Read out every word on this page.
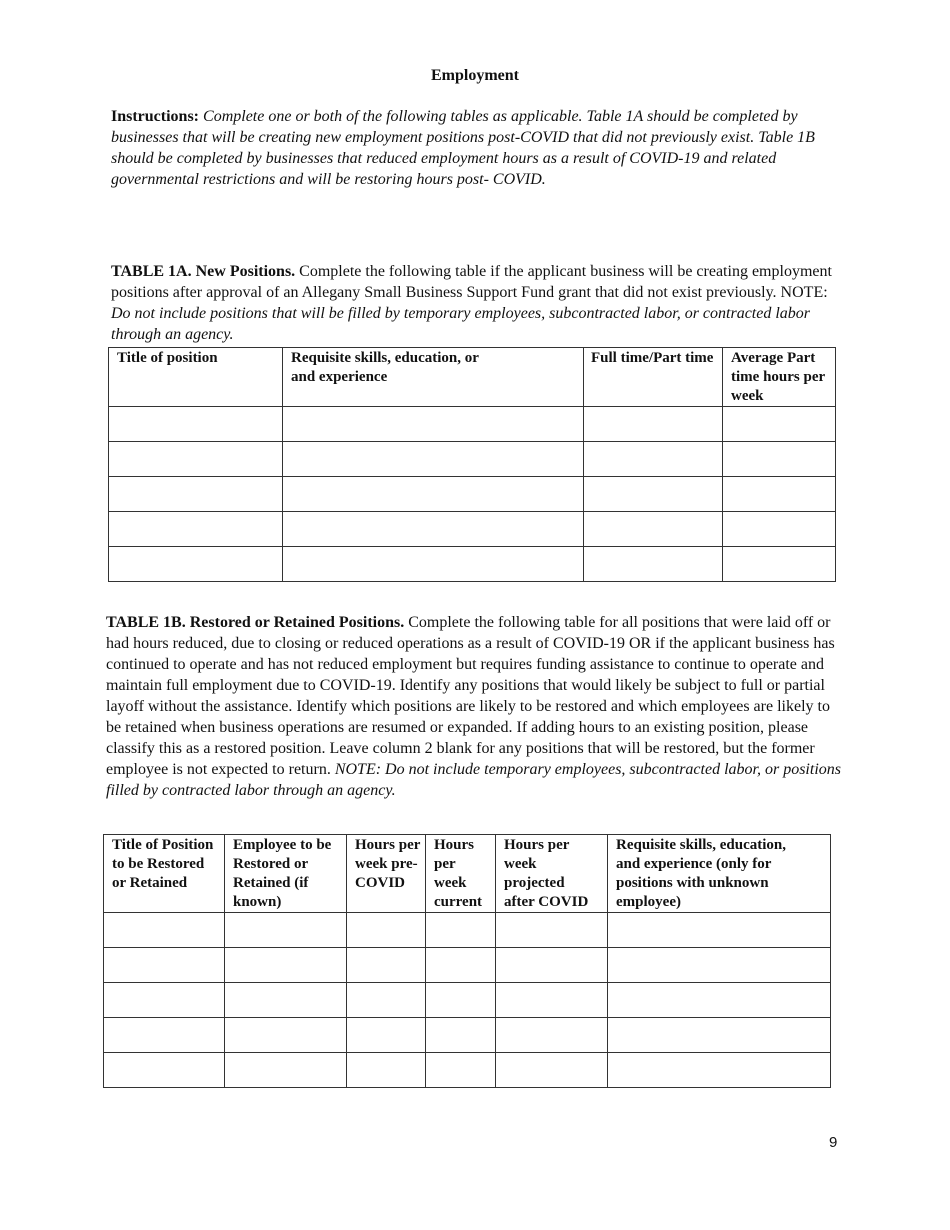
Employment
Instructions: Complete one or both of the following tables as applicable. Table 1A should be completed by businesses that will be creating new employment positions post-COVID that did not previously exist. Table 1B should be completed by businesses that reduced employment hours as a result of COVID-19 and related governmental restrictions and will be restoring hours post- COVID.
TABLE 1A. New Positions. Complete the following table if the applicant business will be creating employment positions after approval of an Allegany Small Business Support Fund grant that did not exist previously. NOTE: Do not include positions that will be filled by temporary employees, subcontracted labor, or contracted labor through an agency.
Title of position	Requisite skills, education, or and experience	Full time/Part time	Average Part time hours per week

TABLE 1B. Restored or Retained Positions. Complete the following table for all positions that were laid off or had hours reduced, due to closing or reduced operations as a result of COVID-19 OR if the applicant business has continued to operate and has not reduced employment but requires funding assistance to continue to operate and maintain full employment due to COVID-19. Identify any positions that would likely be subject to full or partial layoff without the assistance. Identify which positions are likely to be restored and which employees are likely to be retained when business operations are resumed or expanded. If adding hours to an existing position, please classify this as a restored position. Leave column 2 blank for any positions that will be restored, but the former employee is not expected to return. NOTE: Do not include temporary employees, subcontracted labor, or positions filled by contracted labor through an agency.
Title of Position to be Restored or Retained	Employee to be Restored or Retained (if known)	Hours per week pre-COVID	Hours per week current	Hours per week projected after COVID	Requisite skills, education, and experience (only for positions with unknown employee)

9
